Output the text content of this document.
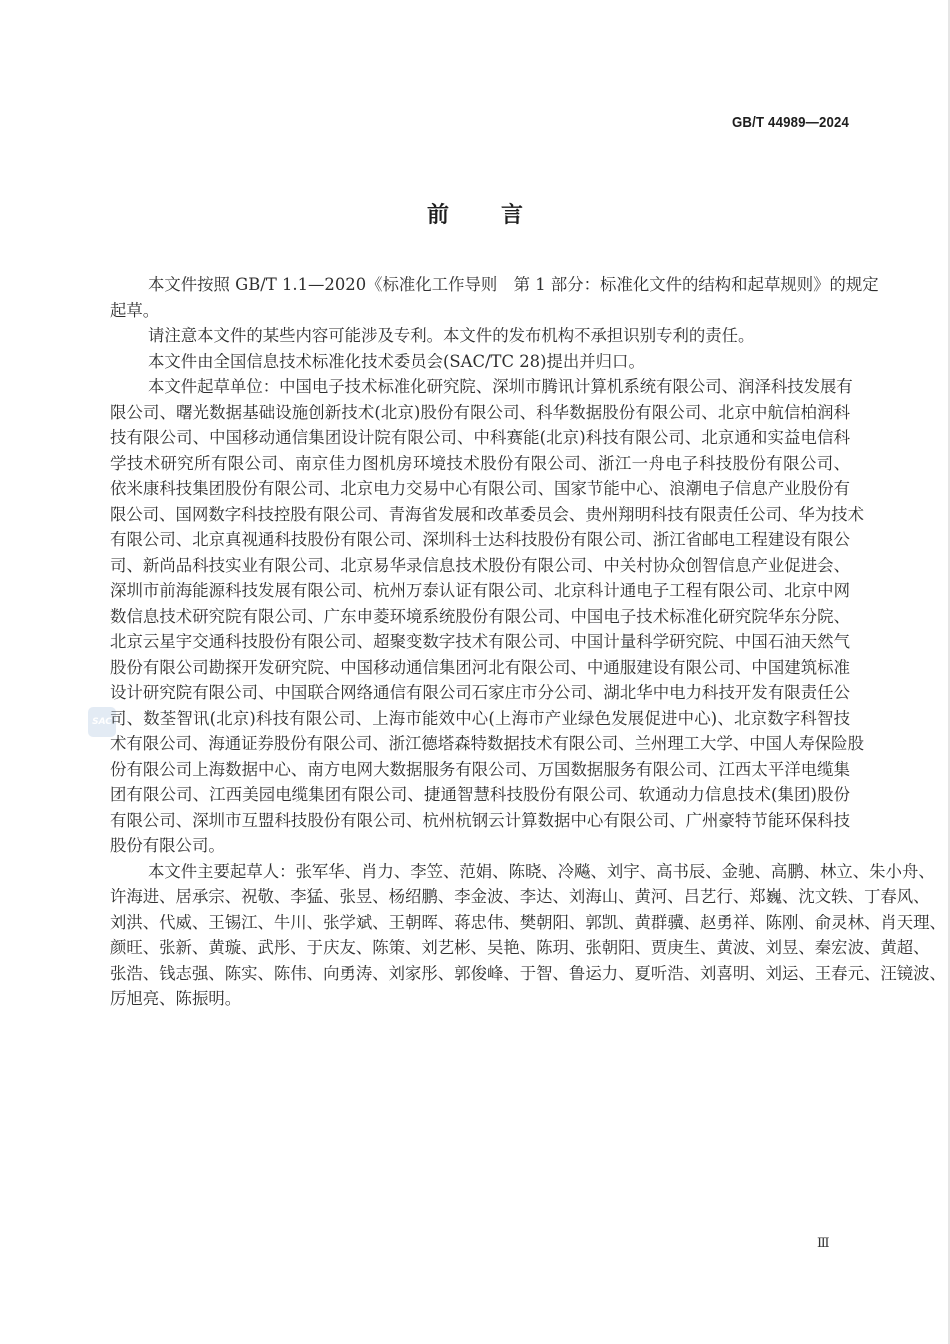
GB/T 44989—2024
前 言
SAC
本文件按照 GB/T 1.1—2020《标准化工作导则　第 1 部分：标准化文件的结构和起草规则》的规定
起草。
请注意本文件的某些内容可能涉及专利。本文件的发布机构不承担识别专利的责任。
本文件由全国信息技术标准化技术委员会(SAC/TC 28)提出并归口。
本文件起草单位：中国电子技术标准化研究院、深圳市腾讯计算机系统有限公司、润泽科技发展有
限公司、曙光数据基础设施创新技术(北京)股份有限公司、科华数据股份有限公司、北京中航信柏润科
技有限公司、中国移动通信集团设计院有限公司、中科赛能(北京)科技有限公司、北京通和实益电信科
学技术研究所有限公司、南京佳力图机房环境技术股份有限公司、浙江一舟电子科技股份有限公司、
依米康科技集团股份有限公司、北京电力交易中心有限公司、国家节能中心、浪潮电子信息产业股份有
限公司、国网数字科技控股有限公司、青海省发展和改革委员会、贵州翔明科技有限责任公司、华为技术
有限公司、北京真视通科技股份有限公司、深圳科士达科技股份有限公司、浙江省邮电工程建设有限公
司、新尚品科技实业有限公司、北京易华录信息技术股份有限公司、中关村协众创智信息产业促进会、
深圳市前海能源科技发展有限公司、杭州万泰认证有限公司、北京科计通电子工程有限公司、北京中网
数信息技术研究院有限公司、广东申菱环境系统股份有限公司、中国电子技术标准化研究院华东分院、
北京云星宇交通科技股份有限公司、超聚变数字技术有限公司、中国计量科学研究院、中国石油天然气
股份有限公司勘探开发研究院、中国移动通信集团河北有限公司、中通服建设有限公司、中国建筑标准
设计研究院有限公司、中国联合网络通信有限公司石家庄市分公司、湖北华中电力科技开发有限责任公
司、数荃智讯(北京)科技有限公司、上海市能效中心(上海市产业绿色发展促进中心)、北京数字科智技
术有限公司、海通证券股份有限公司、浙江德塔森特数据技术有限公司、兰州理工大学、中国人寿保险股
份有限公司上海数据中心、南方电网大数据服务有限公司、万国数据服务有限公司、江西太平洋电缆集
团有限公司、江西美园电缆集团有限公司、捷通智慧科技股份有限公司、软通动力信息技术(集团)股份
有限公司、深圳市互盟科技股份有限公司、杭州杭钢云计算数据中心有限公司、广州豪特节能环保科技
股份有限公司。
本文件主要起草人：张军华、肖力、李笠、范娟、陈晓、冷飚、刘宇、高书辰、金驰、高鹏、林立、朱小舟、
许海进、居承宗、祝敬、李猛、张昱、杨绍鹏、李金波、李达、刘海山、黄河、吕艺行、郑巍、沈文轶、丁春风、
刘洪、代威、王锡江、牛川、张学斌、王朝晖、蒋忠伟、樊朝阳、郭凯、黄群骥、赵勇祥、陈刚、俞灵林、肖天理、
颜旺、张新、黄璇、武彤、于庆友、陈策、刘艺彬、吴艳、陈玥、张朝阳、贾庚生、黄波、刘昱、秦宏波、黄超、
张浩、钱志强、陈实、陈伟、向勇涛、刘家彤、郭俊峰、于智、鲁运力、夏听浩、刘喜明、刘运、王春元、汪镜波、
厉旭亮、陈振明。
Ⅲ
